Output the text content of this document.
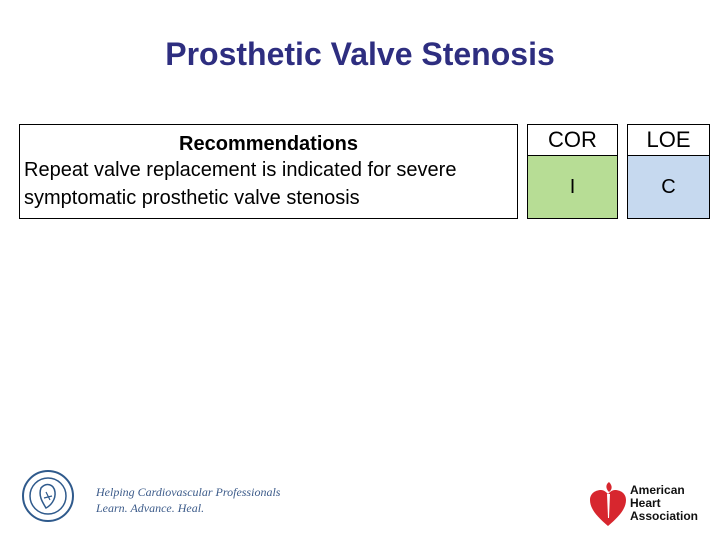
Prosthetic Valve Stenosis
Recommendations		COR		LOE
Repeat valve replacement is indicated for severe symptomatic prosthetic valve stenosis		I		C
Helping Cardiovascular Professionals
Learn. Advance. Heal.
American
Heart
Association
